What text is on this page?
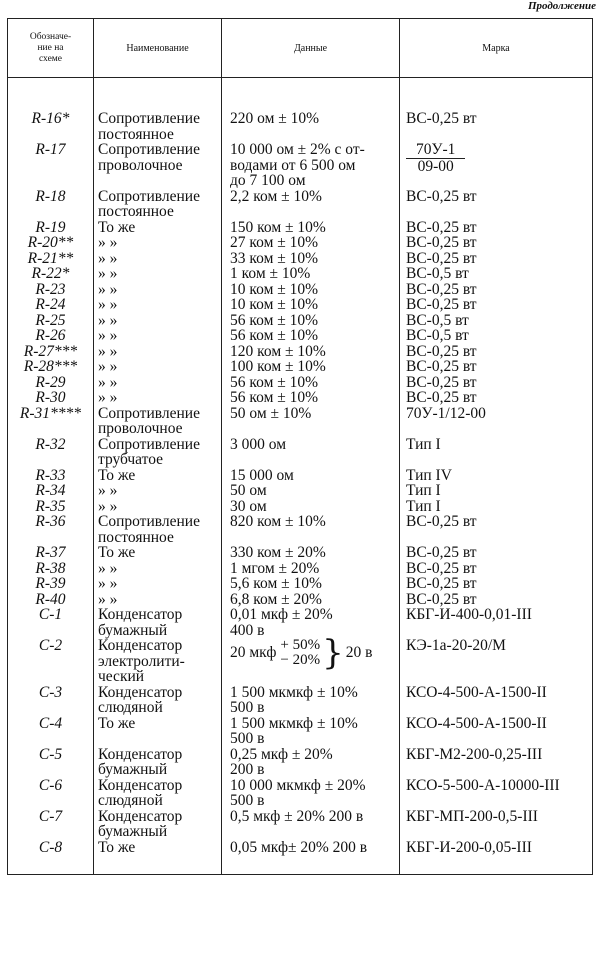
Продолжение
Обозначе-
ние на
схеме	Наименование	Данные	Марка

R-16*	Сопротивление
постоянное	220 ом ± 10%	ВС-0,25 вт
R-17	Сопротивление
проволочное	10 000 ом ± 2% с от-
водами от 6 500 ом
до 7 100 ом	$\frac{70У-1}{09-00}$

R-18	Сопротивление
постоянное	2,2 ком ± 10%	ВС-0,25 вт
R-19	То же	150 ком ± 10%	ВС-0,25 вт
R-20**	» »	27 ком ± 10%	ВС-0,25 вт
R-21**	» »	33 ком ± 10%	ВС-0,25 вт
R-22*	» »	1 ком ± 10%	ВС-0,5 вт
R-23	» »	10 ком ± 10%	ВС-0,25 вт
R-24	» »	10 ком ± 10%	ВС-0,25 вт
R-25	» »	56 ком ± 10%	ВС-0,5 вт
R-26	» »	56 ком ± 10%	ВС-0,5 вт
R-27***	» »	120 ком ± 10%	ВС-0,25 вт
R-28***	» »	100 ком ± 10%	ВС-0,25 вт
R-29	» »	56 ком ± 10%	ВС-0,25 вт
R-30	» »	56 ком ± 10%	ВС-0,25 вт
R-31****	Сопротивление
проволочное	50 ом ± 10%	70У-1/12-00
R-32	Сопротивление
трубчатое	3 000 ом	Тип I
R-33	То же	15 000 ом	Тип IV
R-34	» »	50 ом	Тип I
R-35	» »	30 ом	Тип I
R-36	Сопротивление
постоянное	820 ком ± 10%	ВС-0,25 вт
R-37	То же	330 ком ± 20%	ВС-0,25 вт
R-38	» »	1 мгом ± 20%	ВС-0,25 вт
R-39	» »	5,6 ком ± 10%	ВС-0,25 вт
R-40	» »	6,8 ком ± 20%	ВС-0,25 вт
C-1	Конденсатор
бумажный	0,01 мкф ± 20%
400 в	КБГ-И-400-0,01-III
C-2	Конденсатор
электролити-
ческий	20 мкф + 50%
− 20% } 20 в	КЭ-1а-20-20/М
C-3	Конденсатор
слюдяной	1 500 мкмкф ± 10%
500 в	КСО-4-500-А-1500-II
C-4	То же	1 500 мкмкф ± 10%
500 в	КСО-4-500-А-1500-II
C-5	Конденсатор
бумажный	0,25 мкф ± 20%
200 в	КБГ-М2-200-0,25-III
C-6	Конденсатор
слюдяной	10 000 мкмкф ± 20%
500 в	КСО-5-500-А-10000-III
C-7	Конденсатор
бумажный	0,5 мкф ± 20% 200 в	КБГ-МП-200-0,5-III
C-8	То же	0,05 мкф± 20% 200 в	КБГ-И-200-0,05-III
